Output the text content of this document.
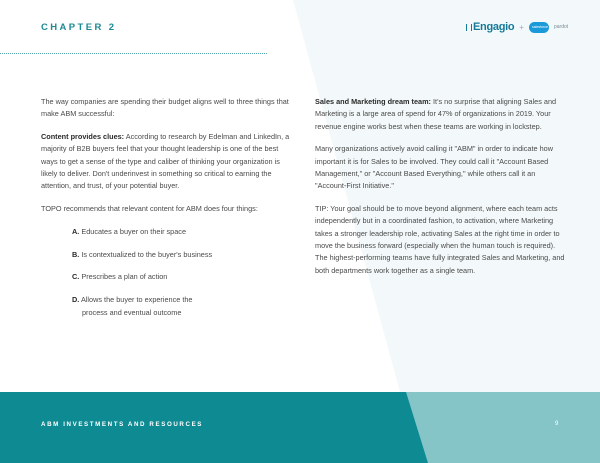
CHAPTER 2	Engagio + salesforce pardot

The way companies are spending their budget aligns well to three things that make ABM successful:

Content provides clues: According to research by Edelman and LinkedIn, a majority of B2B buyers feel that your thought leadership is one of the best ways to get a sense of the type and caliber of thinking your organization is likely to deliver. Don't underinvest in something so critical to earning the attention, and trust, of your potential buyer.

TOPO recommends that relevant content for ABM does four things:

A. Educates a buyer on their space
B. Is contextualized to the buyer's business
C. Prescribes a plan of action
D. Allows the buyer to experience the
process and eventual outcome

Sales and Marketing dream team: It's no surprise that aligning Sales and Marketing is a large area of spend for 47% of organizations in 2019. Your revenue engine works best when these teams are working in lockstep.

Many organizations actively avoid calling it "ABM" in order to indicate how important it is for Sales to be involved. They could call it "Account Based Management," or "Account Based Everything," while others call it an "Account-First Initiative."

TIP: Your goal should be to move beyond alignment, where each team acts independently but in a coordinated fashion, to activation, where Marketing takes a stronger leadership role, activating Sales at the right time in order to move the business forward (especially when the human touch is required). The highest-performing teams have fully integrated Sales and Marketing, and both departments work together as a single team.

ABM INVESTMENTS AND RESOURCES	9
